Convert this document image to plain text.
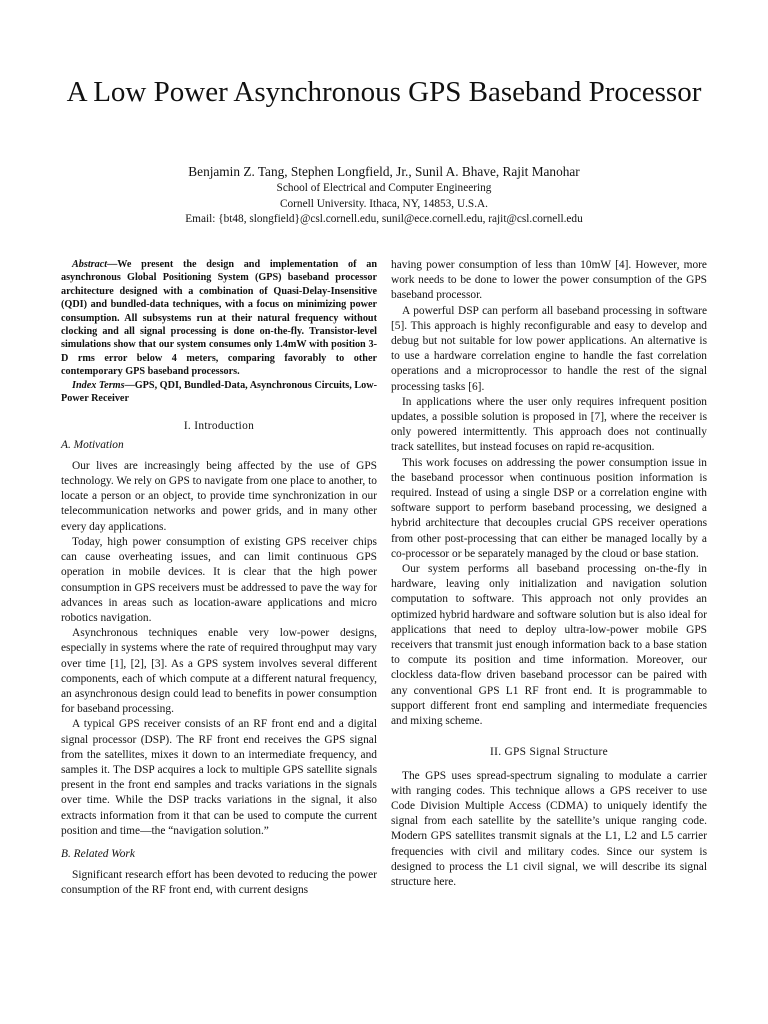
A Low Power Asynchronous GPS Baseband Processor
Benjamin Z. Tang, Stephen Longfield, Jr., Sunil A. Bhave, Rajit Manohar
School of Electrical and Computer Engineering
Cornell University. Ithaca, NY, 14853, U.S.A.
Email: {bt48, slongfield}@csl.cornell.edu, sunil@ece.cornell.edu, rajit@csl.cornell.edu

Abstract—We present the design and implementation of an asynchronous Global Positioning System (GPS) baseband processor architecture designed with a combination of Quasi-Delay-Insensitive (QDI) and bundled-data techniques, with a focus on minimizing power consumption. All subsystems run at their natural frequency without clocking and all signal processing is done on-the-fly. Transistor-level simulations show that our system consumes only 1.4mW with position 3-D rms error below 4 meters, comparing favorably to other contemporary GPS baseband processors.

Index Terms—GPS, QDI, Bundled-Data, Asynchronous Circuits, Low-Power Receiver

I. Introduction
A. Motivation

Our lives are increasingly being affected by the use of GPS technology. We rely on GPS to navigate from one place to another, to locate a person or an object, to provide time synchronization in our telecommunication networks and power grids, and in many other every day applications.

Today, high power consumption of existing GPS receiver chips can cause overheating issues, and can limit continuous GPS operation in mobile devices. It is clear that the high power consumption in GPS receivers must be addressed to pave the way for advances in areas such as location-aware applications and micro robotics navigation.

Asynchronous techniques enable very low-power designs, especially in systems where the rate of required throughput may vary over time [1], [2], [3]. As a GPS system involves several different components, each of which compute at a different natural frequency, an asynchronous design could lead to benefits in power consumption for baseband processing.

A typical GPS receiver consists of an RF front end and a digital signal processor (DSP). The RF front end receives the GPS signal from the satellites, mixes it down to an intermediate frequency, and samples it. The DSP acquires a lock to multiple GPS satellite signals present in the front end samples and tracks variations in the signals over time. While the DSP tracks variations in the signal, it also extracts information from it that can be used to compute the current position and time—the “navigation solution.”

B. Related Work

Significant research effort has been devoted to reducing the power consumption of the RF front end, with current designs

having power consumption of less than 10mW [4]. However, more work needs to be done to lower the power consumption of the GPS baseband processor.

A powerful DSP can perform all baseband processing in software [5]. This approach is highly reconfigurable and easy to develop and debug but not suitable for low power applications. An alternative is to use a hardware correlation engine to handle the fast correlation operations and a microprocessor to handle the rest of the signal processing tasks [6].

In applications where the user only requires infrequent position updates, a possible solution is proposed in [7], where the receiver is only powered intermittently. This approach does not continually track satellites, but instead focuses on rapid re-acqusition.

This work focuses on addressing the power consumption issue in the baseband processor when continuous position information is required. Instead of using a single DSP or a correlation engine with software support to perform baseband processing, we designed a hybrid architecture that decouples crucial GPS receiver operations from other post-processing that can either be managed locally by a co-processor or be separately managed by the cloud or base station.

Our system performs all baseband processing on-the-fly in hardware, leaving only initialization and navigation solution computation to software. This approach not only provides an optimized hybrid hardware and software solution but is also ideal for applications that need to deploy ultra-low-power mobile GPS receivers that transmit just enough information back to a base station to compute its position and time information. Moreover, our clockless data-flow driven baseband processor can be paired with any conventional GPS L1 RF front end. It is programmable to support different front end sampling and intermediate frequencies and mixing scheme.

II. GPS Signal Structure

The GPS uses spread-spectrum signaling to modulate a carrier with ranging codes. This technique allows a GPS receiver to use Code Division Multiple Access (CDMA) to uniquely identify the signal from each satellite by the satellite’s unique ranging code. Modern GPS satellites transmit signals at the L1, L2 and L5 carrier frequencies with civil and military codes. Since our system is designed to process the L1 civil signal, we will describe its signal structure here.
